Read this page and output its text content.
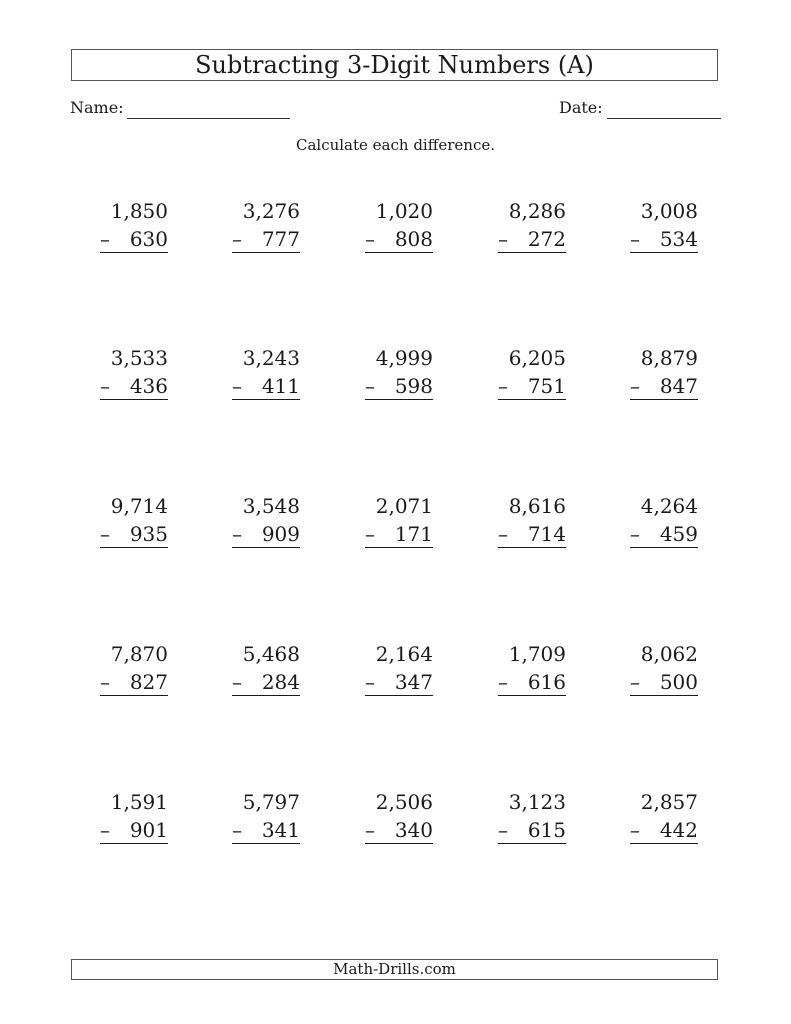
Subtracting 3-Digit Numbers (A)
Name:	Date:
Calculate each difference.
1,850
– 630
3,276
– 777
1,020
– 808
8,286
– 272
3,008
– 534
3,533
– 436
3,243
– 411
4,999
– 598
6,205
– 751
8,879
– 847
9,714
– 935
3,548
– 909
2,071
– 171
8,616
– 714
4,264
– 459
7,870
– 827
5,468
– 284
2,164
– 347
1,709
– 616
8,062
– 500
1,591
– 901
5,797
– 341
2,506
– 340
3,123
– 615
2,857
– 442
Math-Drills.com
